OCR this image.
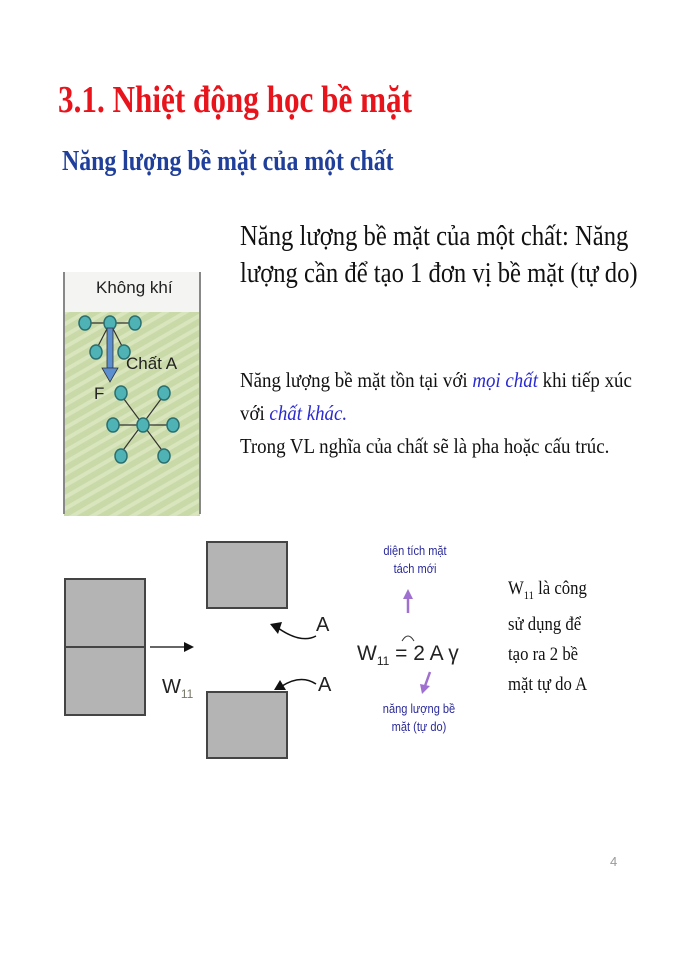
3.1. Nhiệt động học bề mặt
Năng lượng bề mặt của một chất
Năng lượng bề mặt của một chất: Năng lượng cần để tạo 1 đơn vị bề mặt (tự do)
Năng lượng bề mặt tồn tại với mọi chất khi tiếp xúc với chất khác.
Trong VL nghĩa của chất sẽ là pha hoặc cấu trúc.
Không khí
Chất A
F
$W_{11}$
A
A
diện tích mặt tách mới
$W_{11} = 2$ A γ
năng lượng bề mặt (tự do)
$W_{11}$ là công sử dụng để tạo ra 2 bề mặt tự do A
4
